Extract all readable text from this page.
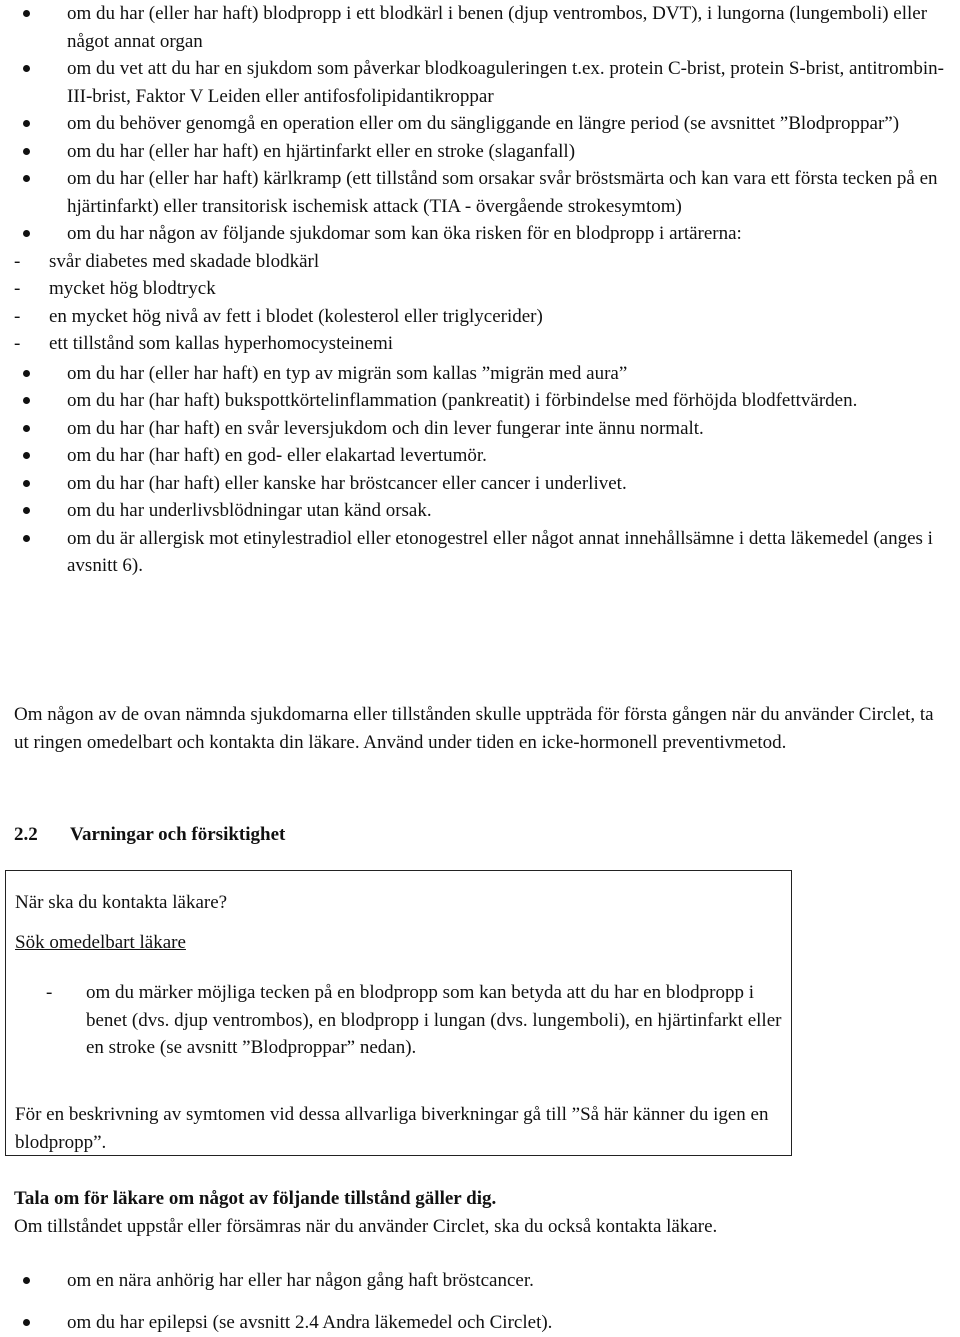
om du har (eller har haft) blodpropp i ett blodkärl i benen (djup ventrombos, DVT), i lungorna (lungemboli) eller något annat organ
om du vet att du har en sjukdom som påverkar blodkoaguleringen t.ex. protein C-brist, protein S-brist, antitrombin-III-brist, Faktor V Leiden eller antifosfolipidantikroppar
om du behöver genomgå en operation eller om du sängliggande en längre period (se avsnittet ”Blodproppar”)
om du har (eller har haft) en hjärtinfarkt eller en stroke (slaganfall)
om du har (eller har haft) kärlkramp (ett tillstånd som orsakar svår bröstsmärta och kan vara ett första tecken på en hjärtinfarkt) eller transitorisk ischemisk attack (TIA - övergående strokesymtom)
om du har någon av följande sjukdomar som kan öka risken för en blodpropp i artärerna:
- svår diabetes med skadade blodkärl
- mycket hög blodtryck
- en mycket hög nivå av fett i blodet (kolesterol eller triglycerider)
- ett tillstånd som kallas hyperhomocysteinemi
om du har (eller har haft) en typ av migrän som kallas ”migrän med aura”
om du har (har haft) bukspottkörtelinflammation (pankreatit) i förbindelse med förhöjda blodfettvärden.
om du har (har haft) en svår leversjukdom och din lever fungerar inte ännu normalt.
om du har (har haft) en god- eller elakartad levertumör.
om du har (har haft) eller kanske har bröstcancer eller cancer i underlivet.
om du har underlivsblödningar utan känd orsak.
om du är allergisk mot etinylestradiol eller etonogestrel eller något annat innehållsämne i detta läkemedel (anges i avsnitt 6).
Om någon av de ovan nämnda sjukdomarna eller tillstånden skulle uppträda för första gången när du använder Circlet, ta ut ringen omedelbart och kontakta din läkare. Använd under tiden en icke-hormonell preventivmetod.
2.2 Varningar och försiktighet
När ska du kontakta läkare?
Sök omedelbart läkare
- om du märker möjliga tecken på en blodpropp som kan betyda att du har en blodpropp i benet (dvs. djup ventrombos), en blodpropp i lungan (dvs. lungemboli), en hjärtinfarkt eller en stroke (se avsnitt ”Blodproppar” nedan).
För en beskrivning av symtomen vid dessa allvarliga biverkningar gå till ”Så här känner du igen en blodpropp”.
Tala om för läkare om något av följande tillstånd gäller dig.
Om tillståndet uppstår eller försämras när du använder Circlet, ska du också kontakta läkare.
om en nära anhörig har eller har någon gång haft bröstcancer.
om du har epilepsi (se avsnitt 2.4 Andra läkemedel och Circlet).
